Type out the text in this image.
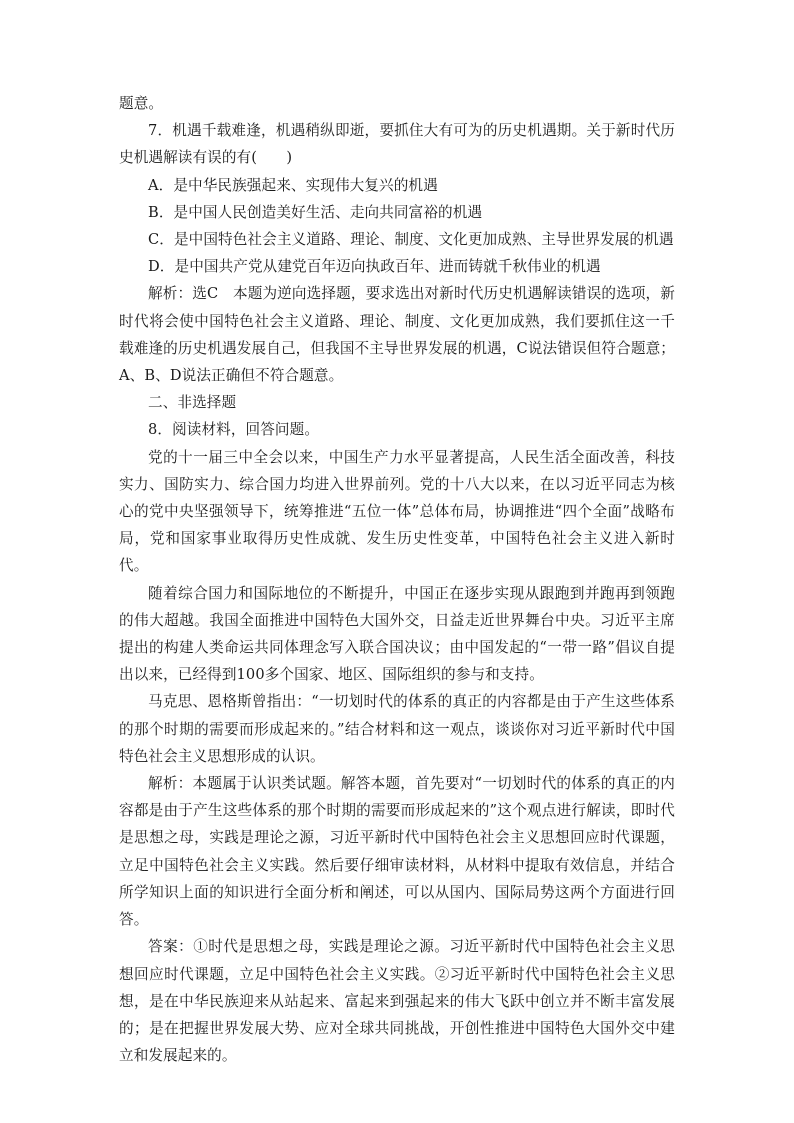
题意。

7．机遇千载难逢，机遇稍纵即逝，要抓住大有可为的历史机遇期。关于新时代历史机遇解读有误的有(　　)

A．是中华民族强起来、实现伟大复兴的机遇

B．是中国人民创造美好生活、走向共同富裕的机遇

C．是中国特色社会主义道路、理论、制度、文化更加成熟、主导世界发展的机遇

D．是中国共产党从建党百年迈向执政百年、进而铸就千秋伟业的机遇

解析：选C　本题为逆向选择题，要求选出对新时代历史机遇解读错误的选项，新时代将会使中国特色社会主义道路、理论、制度、文化更加成熟，我们要抓住这一千载难逢的历史机遇发展自己，但我国不主导世界发展的机遇，C说法错误但符合题意；A、B、D说法正确但不符合题意。

二、非选择题

8．阅读材料，回答问题。

党的十一届三中全会以来，中国生产力水平显著提高，人民生活全面改善，科技实力、国防实力、综合国力均进入世界前列。党的十八大以来，在以习近平同志为核心的党中央坚强领导下，统筹推进“五位一体”总体布局，协调推进“四个全面”战略布局，党和国家事业取得历史性成就、发生历史性变革，中国特色社会主义进入新时代。

随着综合国力和国际地位的不断提升，中国正在逐步实现从跟跑到并跑再到领跑的伟大超越。我国全面推进中国特色大国外交，日益走近世界舞台中央。习近平主席提出的构建人类命运共同体理念写入联合国决议；由中国发起的“一带一路”倡议自提出以来，已经得到100多个国家、地区、国际组织的参与和支持。

马克思、恩格斯曾指出：“一切划时代的体系的真正的内容都是由于产生这些体系的那个时期的需要而形成起来的。”结合材料和这一观点，谈谈你对习近平新时代中国特色社会主义思想形成的认识。

解析：本题属于认识类试题。解答本题，首先要对“一切划时代的体系的真正的内容都是由于产生这些体系的那个时期的需要而形成起来的”这个观点进行解读，即时代是思想之母，实践是理论之源，习近平新时代中国特色社会主义思想回应时代课题，立足中国特色社会主义实践。然后要仔细审读材料，从材料中提取有效信息，并结合所学知识上面的知识进行全面分析和阐述，可以从国内、国际局势这两个方面进行回答。

答案：①时代是思想之母，实践是理论之源。习近平新时代中国特色社会主义思想回应时代课题，立足中国特色社会主义实践。②习近平新时代中国特色社会主义思想，是在中华民族迎来从站起来、富起来到强起来的伟大飞跃中创立并不断丰富发展的；是在把握世界发展大势、应对全球共同挑战，开创性推进中国特色大国外交中建立和发展起来的。
